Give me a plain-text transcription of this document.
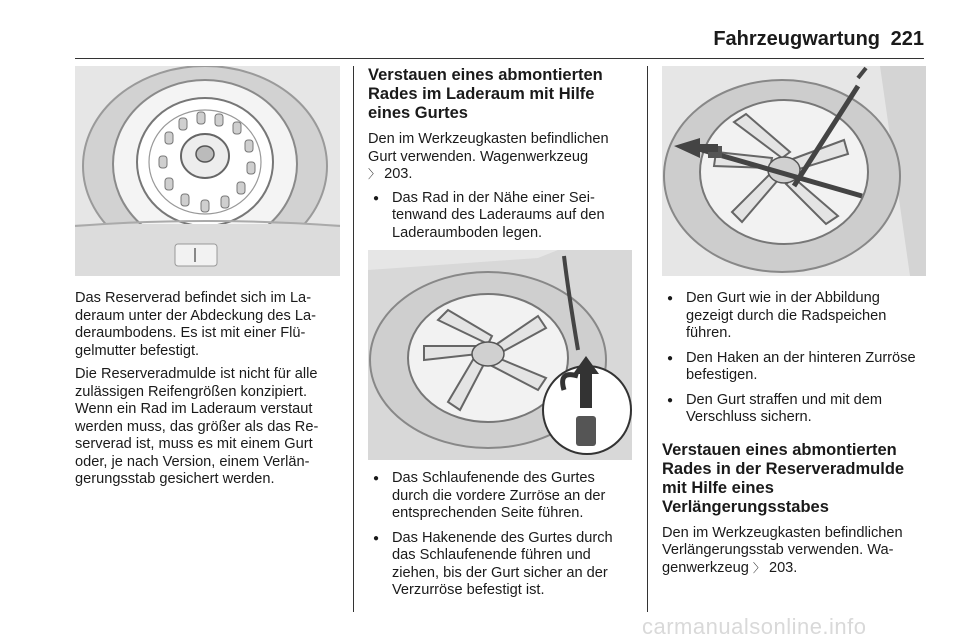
Fahrzeugwartung 221

Das Reserverad befindet sich im Laderaum unter der Abdeckung des Laderaumbodens. Es ist mit einer Flügelmutter befestigt.

Die Reserveradmulde ist nicht für alle zulässigen Reifengrößen konzipiert. Wenn ein Rad im Laderaum verstaut werden muss, das größer als das Reserverad ist, muss es mit einem Gurt oder, je nach Version, einem Verlängerungsstab gesichert werden.

Verstauen eines abmontierten Rades im Laderaum mit Hilfe eines Gurtes

Den im Werkzeugkasten befindlichen Gurt verwenden. Wagenwerkzeug
〉 203.

● Das Rad in der Nähe einer Seitenwand des Laderaums auf den Laderaumboden legen.
● Das Schlaufenende des Gurtes durch die vordere Zurröse an der entsprechenden Seite führen.
● Das Hakenende des Gurtes durch das Schlaufenende führen und ziehen, bis der Gurt sicher an der Verzurröse befestigt ist.
● Den Gurt wie in der Abbildung gezeigt durch die Radspeichen führen.
● Den Haken an der hinteren Zurröse befestigen.
● Den Gurt straffen und mit dem Verschluss sichern.
Verstauen eines abmontierten Rades in der Reserveradmulde mit Hilfe eines Verlängerungsstabes

Den im Werkzeugkasten befindlichen Verlängerungsstab verwenden. Wagenwerkzeug 〉 203.

carmanualsonline.info
